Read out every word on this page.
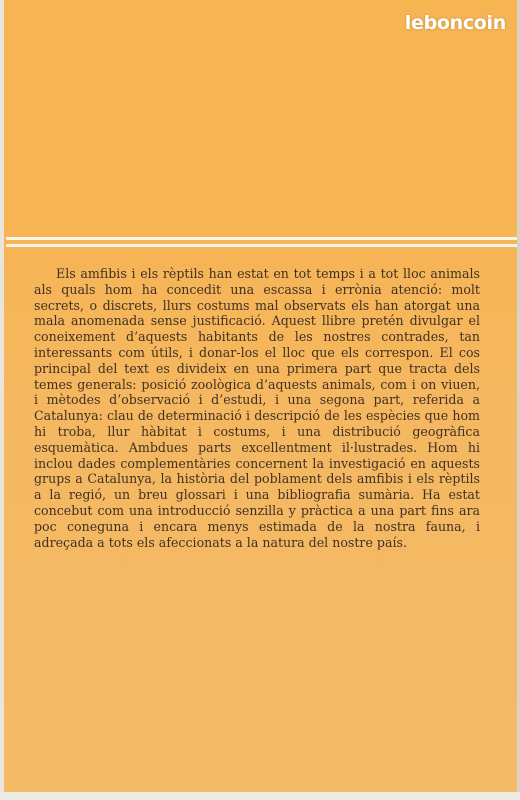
Els amfibis i els rèptils han estat en tot temps i a tot lloc animals als quals hom ha concedit una escassa i errònia atenció: molt secrets, o discrets, llurs costums mal observats els han atorgat una mala anomenada sense justificació. Aquest llibre pretén divulgar el coneixement d’aquests habitants de les nostres contrades, tan interessants com útils, i donar-los el lloc que els correspon. El cos principal del text es divideix en una primera part que tracta dels temes generals: posició zoològica d’aquests animals, com i on viuen, i mètodes d’observació i d’estudi, i una segona part, referida a Catalunya: clau de determinació i descripció de les espècies que hom hi troba, llur hàbitat i costums, i una distribució geogràfica esquemàtica. Ambdues parts excellentment il·lustrades. Hom hi inclou dades complementàries concernent la investigació en aquests grups a Catalunya, la història del poblament dels amfibis i els rèptils a la regió, un breu glossari i una bibliografia sumària. Ha estat concebut com una introducció senzilla y pràctica a una part fins ara poc coneguna i encara menys estimada de la nostra fauna, i adreçada a tots els afeccionats a la natura del nostre país.

leboncoin
